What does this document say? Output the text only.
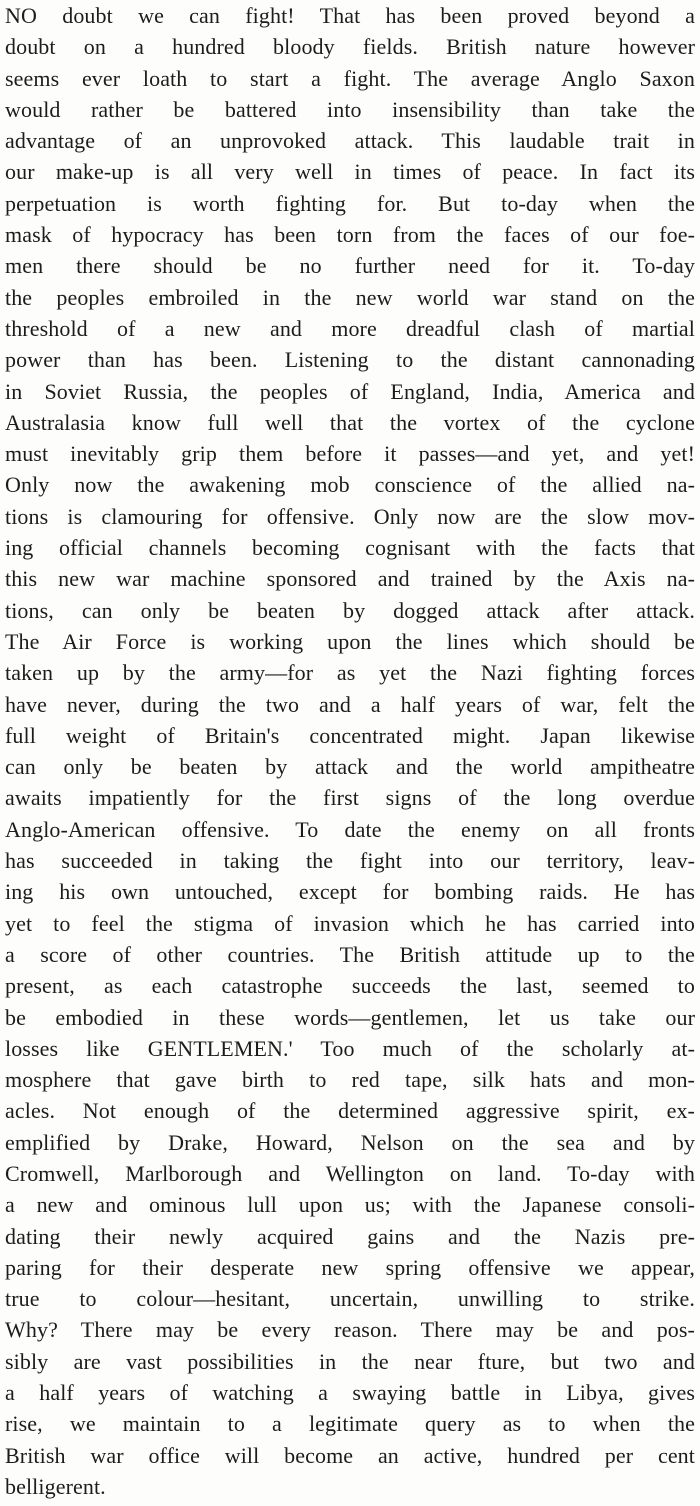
NO doubt we can fight! That has been proved beyond a
doubt on a hundred bloody fields. British nature however
seems ever loath to start a fight. The average Anglo Saxon
would rather be battered into insensibility than take the
advantage of an unprovoked attack. This laudable trait in
our make-up is all very well in times of peace. In fact its
perpetuation is worth fighting for. But to-day when the
mask of hypocracy has been torn from the faces of our foe-
men there should be no further need for it. To-day
the peoples embroiled in the new world war stand on the
threshold of a new and more dreadful clash of martial
power than has been. Listening to the distant cannonading
in Soviet Russia, the peoples of England, India, America and
Australasia know full well that the vortex of the cyclone
must inevitably grip them before it passes—and yet, and yet!
Only now the awakening mob conscience of the allied na-
tions is clamouring for offensive. Only now are the slow mov-
ing official channels becoming cognisant with the facts that
this new war machine sponsored and trained by the Axis na-
tions, can only be beaten by dogged attack after attack.
The Air Force is working upon the lines which should be
taken up by the army—for as yet the Nazi fighting forces
have never, during the two and a half years of war, felt the
full weight of Britain's concentrated might. Japan likewise
can only be beaten by attack and the world ampitheatre
awaits impatiently for the first signs of the long overdue
Anglo-American offensive. To date the enemy on all fronts
has succeeded in taking the fight into our territory, leav-
ing his own untouched, except for bombing raids. He has
yet to feel the stigma of invasion which he has carried into
a score of other countries. The British attitude up to the
present, as each catastrophe succeeds the last, seemed to
be embodied in these words—gentlemen, let us take our
losses like GENTLEMEN.' Too much of the scholarly at-
mosphere that gave birth to red tape, silk hats and mon-
acles. Not enough of the determined aggressive spirit, ex-
emplified by Drake, Howard, Nelson on the sea and by
Cromwell, Marlborough and Wellington on land. To-day with
a new and ominous lull upon us; with the Japanese consoli-
dating their newly acquired gains and the Nazis pre-
paring for their desperate new spring offensive we appear,
true to colour—hesitant, uncertain, unwilling to strike.
Why? There may be every reason. There may be and pos-
sibly are vast possibilities in the near fture, but two and
a half years of watching a swaying battle in Libya, gives
rise, we maintain to a legitimate query as to when the
British war office will become an active, hundred per cent
belligerent.
